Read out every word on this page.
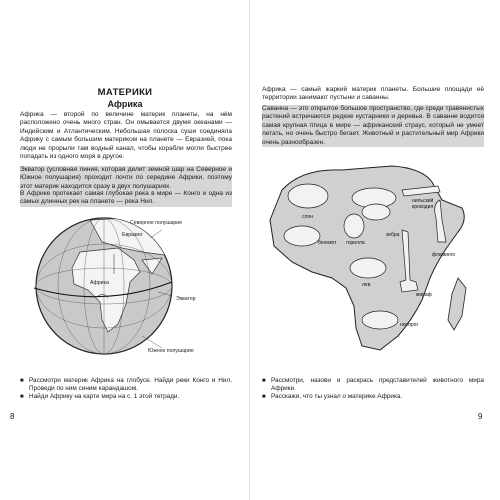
МАТЕРИКИ
Африка

Африка — второй по величине материк планеты, на нём расположено очень много стран. Он омывается двумя океанами — Индийским и Атлантическим. Небольшая полоска суши соединяла Африку с самым большим материком на планете — Евразией, пока люди не прорыли там водный канал, чтобы корабли могли быстрее попадать из одного моря в другое.

Экватор (условная линия, которая делит земной шар на Северное и Южное полушария) проходит почти по середине Африки, поэтому этот материк находится сразу в двух полушариях.

В Африке протекает самая глубокая река в мире — Конго и одна из самых длинных рек на планете — река Нил.

Северное полушарие
Евразия
Африка
Экватор
Южное полушарие
■ Рассмотри материк Африка на глобусе. Найди реки Конго и Нил. Проведи по ним синим карандашом.
■ Найди Африку на карте мира на с. 1 этой тетради.
8

Африка — самый жаркий материк планеты. Большие площади её территории занимают пустыни и саванны.

Саванна — это открытое большое пространство, где среди травянистых растений встречаются редкие кустарники и деревья. В саванне водится самая крупная птица в мире — африканский страус, который не умеет летать, но очень быстро бегает. Животный и растительный мир Африки очень разнообразен.

слон
нильский крокодил
бегемот горилла
зебра
фламинго
лев
жираф
носорог
■ Рассмотри, назови и раскрась представителей животного мира Африки.
■ Расскажи, что ты узнал о материке Африка.
9
